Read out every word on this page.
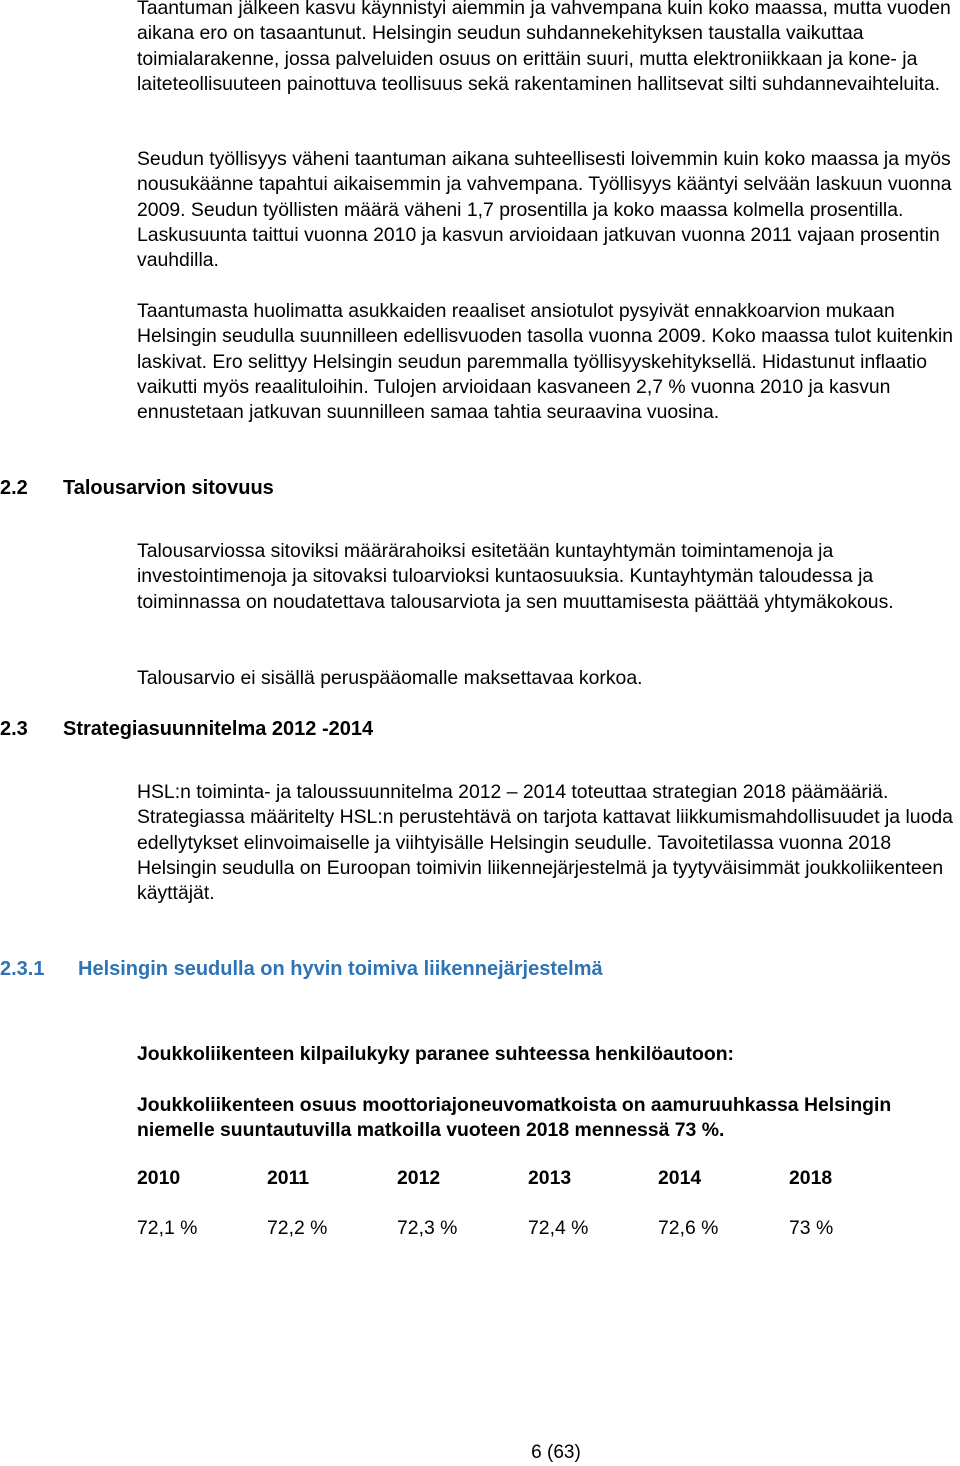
Taantuman jälkeen kasvu käynnistyi aiemmin ja vahvempana kuin koko maassa, mutta vuoden aikana ero on tasaantunut. Helsingin seudun suhdannekehityksen taustalla vaikuttaa toimialarakenne, jossa palveluiden osuus on erittäin suuri, mutta elektroniikkaan ja kone- ja laiteteollisuuteen painottuva teollisuus sekä rakentaminen hallitsevat silti suhdannevaihteluita.

Seudun työllisyys väheni taantuman aikana suhteellisesti loivemmin kuin koko maassa ja myös nousukäänne tapahtui aikaisemmin ja vahvempana. Työllisyys kääntyi selvään laskuun vuonna 2009. Seudun työllisten määrä väheni 1,7 prosentilla ja koko maassa kolmella prosentilla. Laskusuunta taittui vuonna 2010 ja kasvun arvioidaan jatkuvan vuonna 2011 vajaan prosentin vauhdilla.

Taantumasta huolimatta asukkaiden reaaliset ansiotulot pysyivät ennakkoarvion mukaan Helsingin seudulla suunnilleen edellisvuoden tasolla vuonna 2009. Koko maassa tulot kuitenkin laskivat. Ero selittyy Helsingin seudun paremmalla työllisyyskehityksellä. Hidastunut inflaatio vaikutti myös reaalituloihin. Tulojen arvioidaan kasvaneen 2,7 % vuonna 2010 ja kasvun ennustetaan jatkuvan suunnilleen samaa tahtia seuraavina vuosina.

2.2 Talousarvion sitovuus

Talousarviossa sitoviksi määrärahoiksi esitetään kuntayhtymän toimintamenoja ja investointimenoja ja sitovaksi tuloarvioksi kuntaosuuksia. Kuntayhtymän taloudessa ja toiminnassa on noudatettava talousarviota ja sen muuttamisesta päättää yhtymäkokous.

Talousarvio ei sisällä peruspääomalle maksettavaa korkoa.

2.3 Strategiasuunnitelma 2012 -2014

HSL:n toiminta- ja taloussuunnitelma 2012 – 2014 toteuttaa strategian 2018 päämääriä. Strategiassa määritelty HSL:n perustehtävä on tarjota kattavat liikkumismahdollisuudet ja luoda edellytykset elinvoimaiselle ja viihtyisälle Helsingin seudulle. Tavoitetilassa vuonna 2018 Helsingin seudulla on Euroopan toimivin liikennejärjestelmä ja tyytyväisimmät joukkoliikenteen käyttäjät.

2.3.1 Helsingin seudulla on hyvin toimiva liikennejärjestelmä

Joukkoliikenteen kilpailukyky paranee suhteessa henkilöautoon:

Joukkoliikenteen osuus moottoriajoneuvomatkoista on aamuruuhkassa Helsingin niemelle suuntautuvilla matkoilla vuoteen 2018 mennessä 73 %.

2010	2011	2012	2013	2014	2018
72,1 %	72,2 %	72,3 %	72,4 %	72,6 %	73 %
6 (63)
